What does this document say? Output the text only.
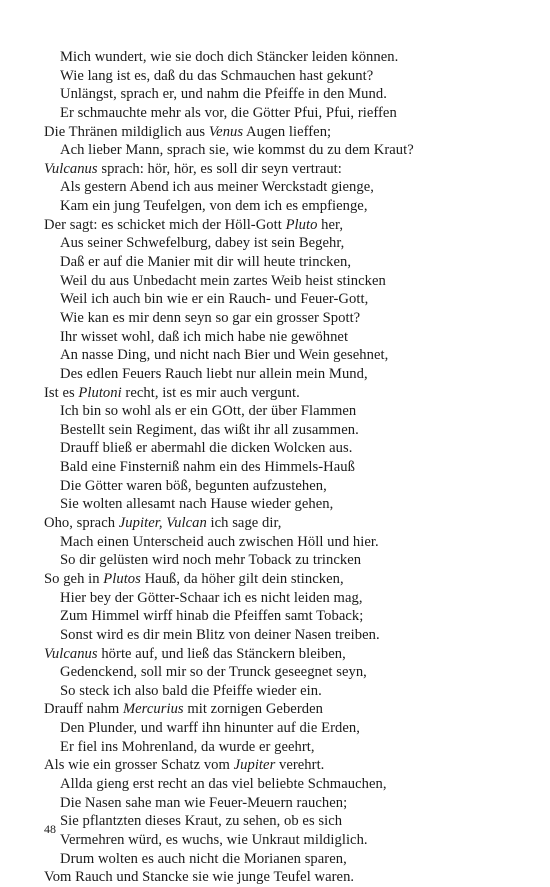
Mich wundert, wie sie doch dich Stäncker leiden können.
Wie lang ist es, daß du das Schmauchen hast gekunt?
Unlängst, sprach er, und nahm die Pfeiffe in den Mund.
Er schmauchte mehr als vor, die Götter Pfui, Pfui, rieffen
Die Thränen mildiglich aus Venus Augen lieffen;
Ach lieber Mann, sprach sie, wie kommst du zu dem Kraut?
Vulcanus sprach: hör, hör, es soll dir seyn vertraut:
Als gestern Abend ich aus meiner Werckstadt gienge,
Kam ein jung Teufelgen, von dem ich es empfienge,
Der sagt: es schicket mich der Höll-Gott Pluto her,
Aus seiner Schwefelburg, dabey ist sein Begehr,
Daß er auf die Manier mit dir will heute trincken,
Weil du aus Unbedacht mein zartes Weib heist stincken
Weil ich auch bin wie er ein Rauch- und Feuer-Gott,
Wie kan es mir denn seyn so gar ein grosser Spott?
Ihr wisset wohl, daß ich mich habe nie gewöhnet
An nasse Ding, und nicht nach Bier und Wein gesehnet,
Des edlen Feuers Rauch liebt nur allein mein Mund,
Ist es Plutoni recht, ist es mir auch vergunt.
Ich bin so wohl als er ein GOtt, der über Flammen
Bestellt sein Regiment, das wißt ihr all zusammen.
Drauff bließ er abermahl die dicken Wolcken aus.
Bald eine Finsterniß nahm ein des Himmels-Hauß
Die Götter waren böß, begunten aufzustehen,
Sie wolten allesamt nach Hause wieder gehen,
Oho, sprach Jupiter, Vulcan ich sage dir,
Mach einen Unterscheid auch zwischen Höll und hier.
So dir gelüsten wird noch mehr Toback zu trincken
So geh in Plutos Hauß, da höher gilt dein stincken,
Hier bey der Götter-Schaar ich es nicht leiden mag,
Zum Himmel wirff hinab die Pfeiffen samt Toback;
Sonst wird es dir mein Blitz von deiner Nasen treiben.
Vulcanus hörte auf, und ließ das Stänckern bleiben,
Gedenckend, soll mir so der Trunck geseegnet seyn,
So steck ich also bald die Pfeiffe wieder ein.
Drauff nahm Mercurius mit zornigen Geberden
Den Plunder, und warff ihn hinunter auf die Erden,
Er fiel ins Mohrenland, da wurde er geehrt,
Als wie ein grosser Schatz vom Jupiter verehrt.
Allda gieng erst recht an das viel beliebte Schmauchen,
Die Nasen sahe man wie Feuer-Meuern rauchen;
Sie pflantzten dieses Kraut, zu sehen, ob es sich
Vermehren würd, es wuchs, wie Unkraut mildiglich.
Drum wolten es auch nicht die Morianen sparen,
Vom Rauch und Stancke sie wie junge Teufel waren.
48
